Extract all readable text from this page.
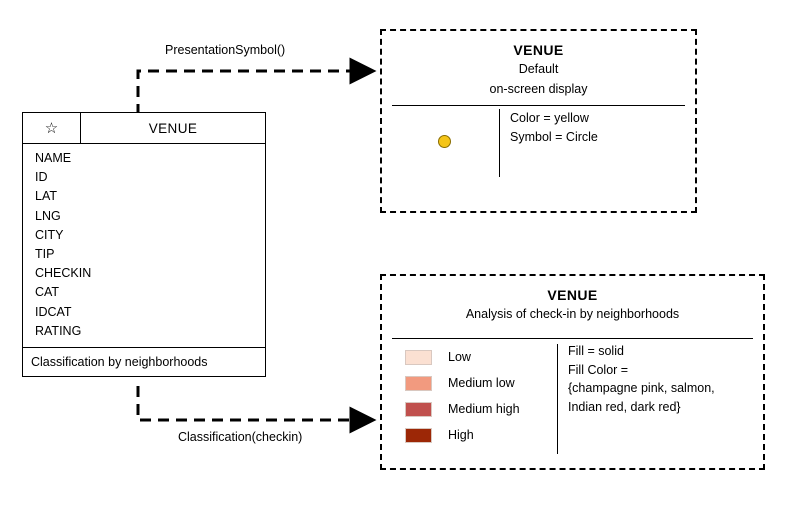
☆	VENUE
NAME
ID
LAT
LNG
CITY
TIP
CHECKIN
CAT
IDCAT
RATING
Classification by neighborhoods
PresentationSymbol()
Classification(checkin)
VENUE
Default
on-screen display
Color = yellow
Symbol = Circle
VENUE
Analysis of check-in by neighborhoods
Low
Medium low
Medium high
High
Fill = solid
Fill Color =
{champagne pink, salmon,
Indian red, dark red}
